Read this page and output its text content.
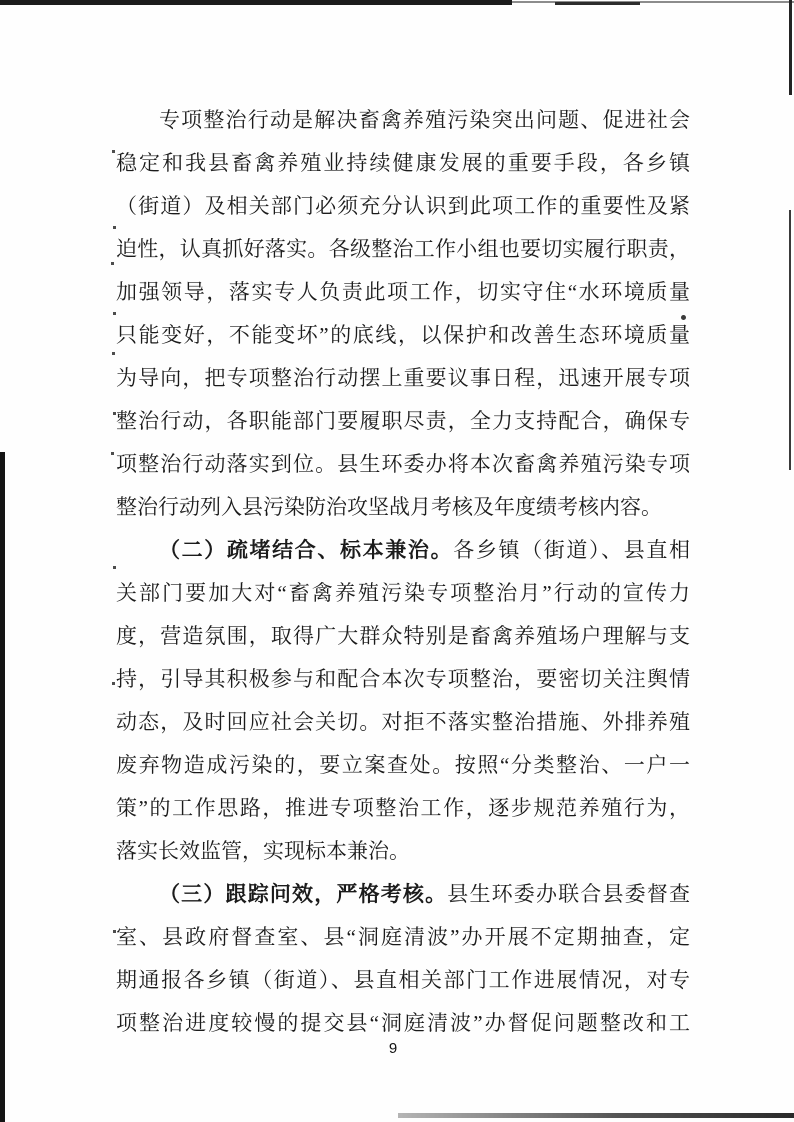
专项整治行动是解决畜禽养殖污染突出问题、促进社会
稳定和我县畜禽养殖业持续健康发展的重要手段，各乡镇
（街道）及相关部门必须充分认识到此项工作的重要性及紧
迫性，认真抓好落实。各级整治工作小组也要切实履行职责，
加强领导，落实专人负责此项工作，切实守住“水环境质量
只能变好，不能变坏”的底线，以保护和改善生态环境质量
为导向，把专项整治行动摆上重要议事日程，迅速开展专项
整治行动，各职能部门要履职尽责，全力支持配合，确保专
项整治行动落实到位。县生环委办将本次畜禽养殖污染专项
整治行动列入县污染防治攻坚战月考核及年度绩考核内容。
（二）疏堵结合、标本兼治。各乡镇（街道）、县直相
关部门要加大对“畜禽养殖污染专项整治月”行动的宣传力
度，营造氛围，取得广大群众特别是畜禽养殖场户理解与支
持，引导其积极参与和配合本次专项整治，要密切关注舆情
动态，及时回应社会关切。对拒不落实整治措施、外排养殖
废弃物造成污染的，要立案查处。按照“分类整治、一户一
策”的工作思路，推进专项整治工作，逐步规范养殖行为，
落实长效监管，实现标本兼治。
（三）跟踪问效，严格考核。县生环委办联合县委督查
室、县政府督查室、县“洞庭清波”办开展不定期抽查，定
期通报各乡镇（街道）、县直相关部门工作进展情况，对专
项整治进度较慢的提交县“洞庭清波”办督促问题整改和工
9
